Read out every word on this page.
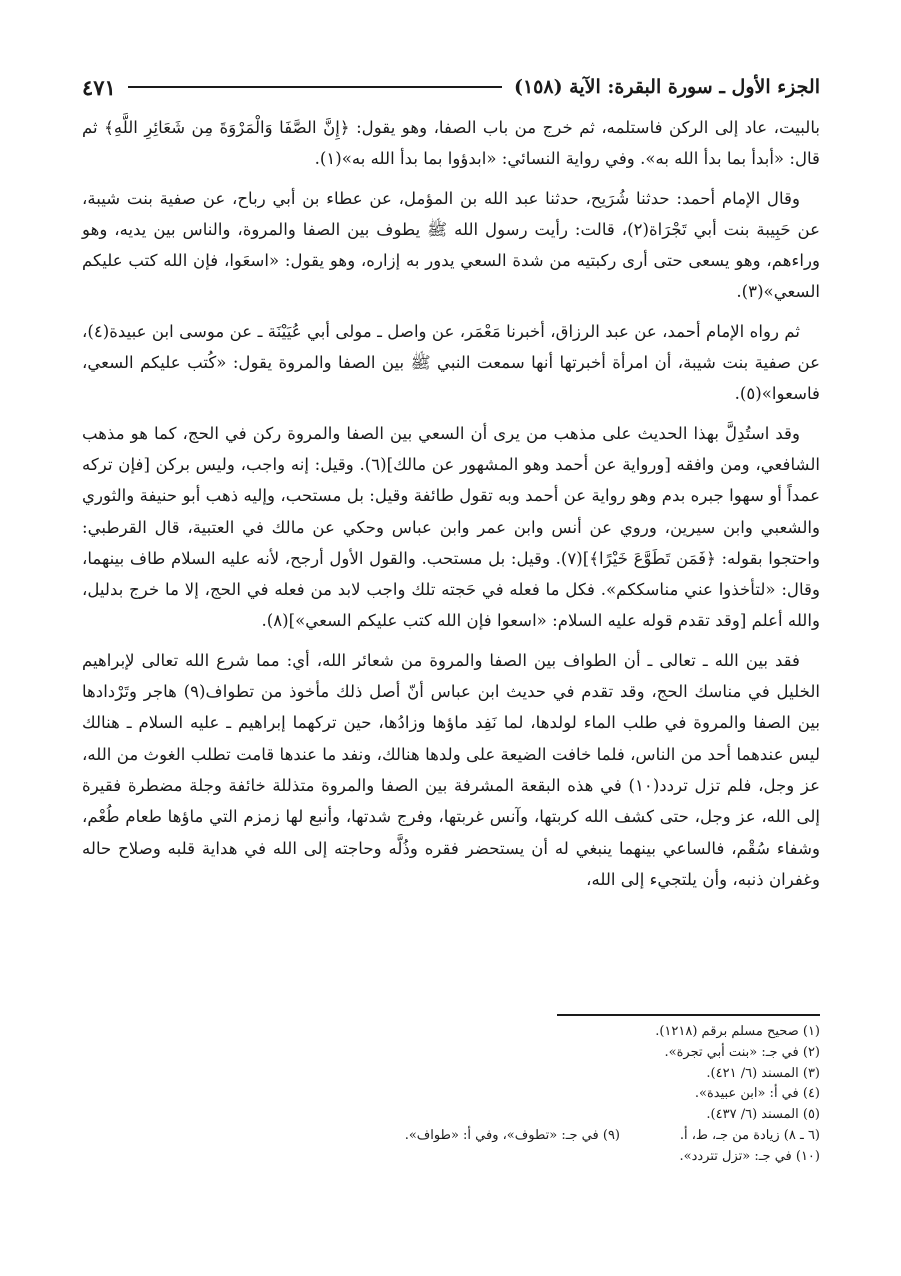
الجزء الأول ـ سورة البقرة: الآية (١٥٨)
٤٧١

بالبيت، عاد إلى الركن فاستلمه، ثم خرج من باب الصفا، وهو يقول: ﴿إِنَّ الصَّفَا وَالْمَرْوَةَ مِن شَعَائِرِ اللَّهِ﴾ ثم قال: «أبدأ بما بدأ الله به». وفي رواية النسائي: «ابدؤوا بما بدأ الله به»(١).

وقال الإمام أحمد: حدثنا شُرَيح، حدثنا عبد الله بن المؤمل، عن عطاء بن أبي رباح، عن صفية بنت شيبة، عن حَبِيبة بنت أبي تَجْرَاة(٢)، قالت: رأيت رسول الله ﷺ يطوف بين الصفا والمروة، والناس بين يديه، وهو وراءهم، وهو يسعى حتى أرى ركبتيه من شدة السعي يدور به إزاره، وهو يقول: «اسعَوا، فإن الله كتب عليكم السعي»(٣).

ثم رواه الإمام أحمد، عن عبد الرزاق، أخبرنا مَعْمَر، عن واصل ـ مولى أبي عُيَيْنَة ـ عن موسى ابن عبيدة(٤)، عن صفية بنت شيبة، أن امرأة أخبرتها أنها سمعت النبي ﷺ بين الصفا والمروة يقول: «كُتب عليكم السعي، فاسعوا»(٥).

وقد استُدِلَّ بهذا الحديث على مذهب من يرى أن السعي بين الصفا والمروة ركن في الحج، كما هو مذهب الشافعي، ومن وافقه [ورواية عن أحمد وهو المشهور عن مالك](٦). وقيل: إنه واجب، وليس بركن [فإن تركه عمداً أو سهوا جبره بدم وهو رواية عن أحمد وبه تقول طائفة وقيل: بل مستحب، وإليه ذهب أبو حنيفة والثوري والشعبي وابن سيرين، وروي عن أنس وابن عمر وابن عباس وحكي عن مالك في العتبية، قال القرطبي: واحتجوا بقوله: ﴿فَمَن تَطَوَّعَ خَيْرًا﴾](٧). وقيل: بل مستحب. والقول الأول أرجح، لأنه عليه السلام طاف بينهما، وقال: «لتأخذوا عني مناسككم». فكل ما فعله في حَجته تلك واجب لابد من فعله في الحج، إلا ما خرج بدليل، والله أعلم [وقد تقدم قوله عليه السلام: «اسعوا فإن الله كتب عليكم السعي»](٨).

فقد بين الله ـ تعالى ـ أن الطواف بين الصفا والمروة من شعائر الله، أي: مما شرع الله تعالى لإبراهيم الخليل في مناسك الحج، وقد تقدم في حديث ابن عباس أنّ أصل ذلك مأخوذ من تطواف(٩) هاجر وتَرْدادها بين الصفا والمروة في طلب الماء لولدها، لما نَفِد ماؤها وزادُها، حين تركهما إبراهيم ـ عليه السلام ـ هنالك ليس عندهما أحد من الناس، فلما خافت الضيعة على ولدها هنالك، ونفد ما عندها قامت تطلب الغوث من الله، عز وجل، فلم تزل تردد(١٠) في هذه البقعة المشرفة بين الصفا والمروة متذللة خائفة وجلة مضطرة فقيرة إلى الله، عز وجل، حتى كشف الله كربتها، وآنس غربتها، وفرج شدتها، وأنبع لها زمزم التي ماؤها طعام طُعْم، وشفاء سُقْم، فالساعي بينهما ينبغي له أن يستحضر فقره وذُلَّه وحاجته إلى الله في هداية قلبه وصلاح حاله وغفران ذنبه، وأن يلتجيء إلى الله،

(١) صحيح مسلم برقم (١٢١٨).
(٢) في جـ: «بنت أبي تجرة».
(٣) المسند (٦/ ٤٢١).
(٤) في أ: «ابن عبيدة».
(٥) المسند (٦/ ٤٣٧).
(٦ ـ ٨) زيادة من جـ، ط، أ.
(٩) في جـ: «تطوف»، وفي أ: «طواف».
(١٠) في جـ: «تزل تتردد».
